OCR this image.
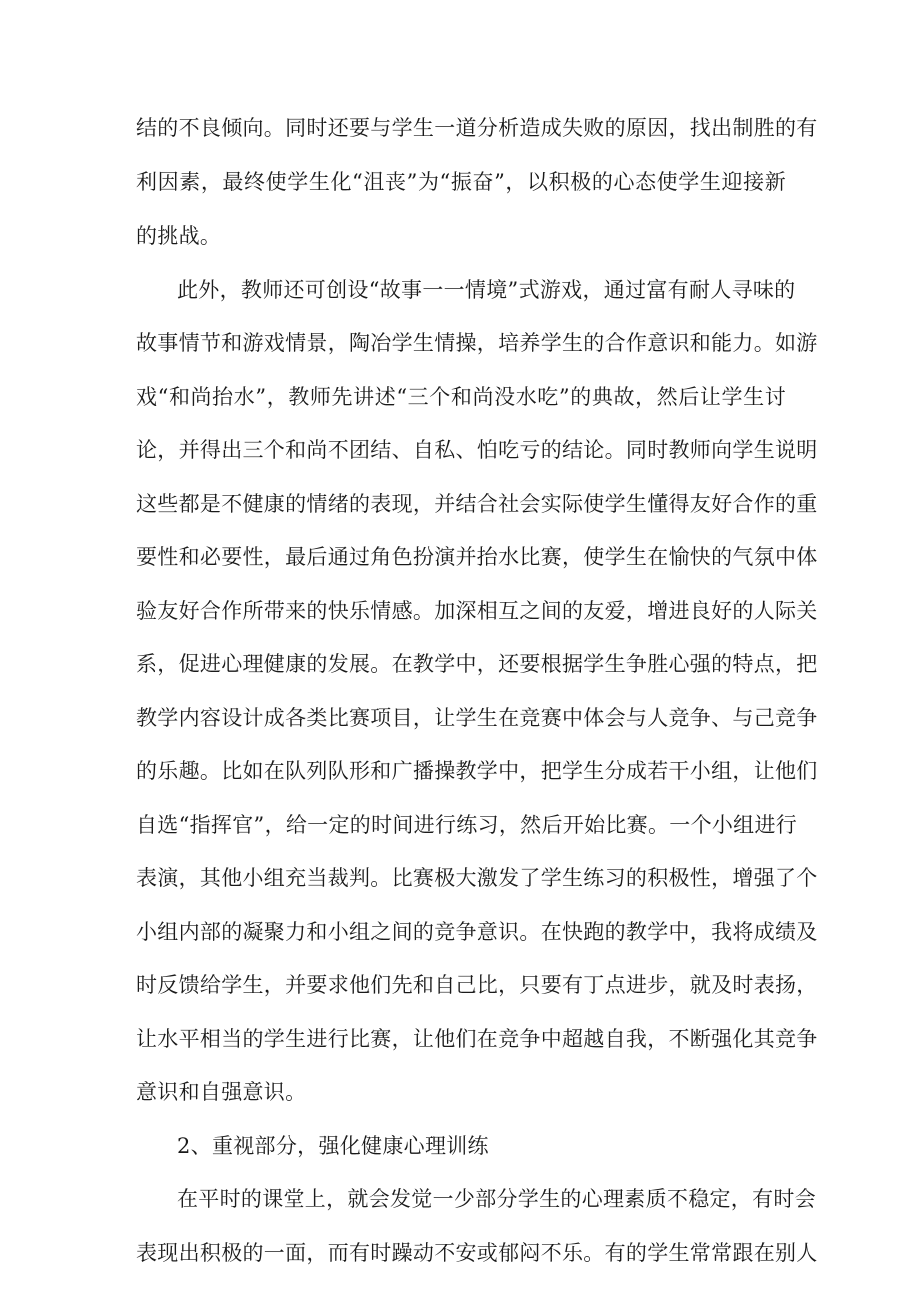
结的不良倾向。同时还要与学生一道分析造成失败的原因，找出制胜的有
利因素，最终使学生化“沮丧”为“振奋”，以积极的心态使学生迎接新
的挑战。
此外，教师还可创设“故事一一情境”式游戏，通过富有耐人寻味的
故事情节和游戏情景，陶冶学生情操，培养学生的合作意识和能力。如游
戏“和尚抬水”，教师先讲述“三个和尚没水吃”的典故，然后让学生讨
论，并得出三个和尚不团结、自私、怕吃亏的结论。同时教师向学生说明
这些都是不健康的情绪的表现，并结合社会实际使学生懂得友好合作的重
要性和必要性，最后通过角色扮演并抬水比赛，使学生在愉快的气氛中体
验友好合作所带来的快乐情感。加深相互之间的友爱，增进良好的人际关
系，促进心理健康的发展。在教学中，还要根据学生争胜心强的特点，把
教学内容设计成各类比赛项目，让学生在竞赛中体会与人竞争、与己竞争
的乐趣。比如在队列队形和广播操教学中，把学生分成若干小组，让他们
自选“指挥官”，给一定的时间进行练习，然后开始比赛。一个小组进行
表演，其他小组充当裁判。比赛极大激发了学生练习的积极性，增强了个
小组内部的凝聚力和小组之间的竞争意识。在快跑的教学中，我将成绩及
时反馈给学生，并要求他们先和自己比，只要有丁点进步，就及时表扬，
让水平相当的学生进行比赛，让他们在竞争中超越自我，不断强化其竞争
意识和自强意识。
2、重视部分，强化健康心理训练
在平时的课堂上，就会发觉一少部分学生的心理素质不稳定，有时会
表现出积极的一面，而有时躁动不安或郁闷不乐。有的学生常常跟在别人
